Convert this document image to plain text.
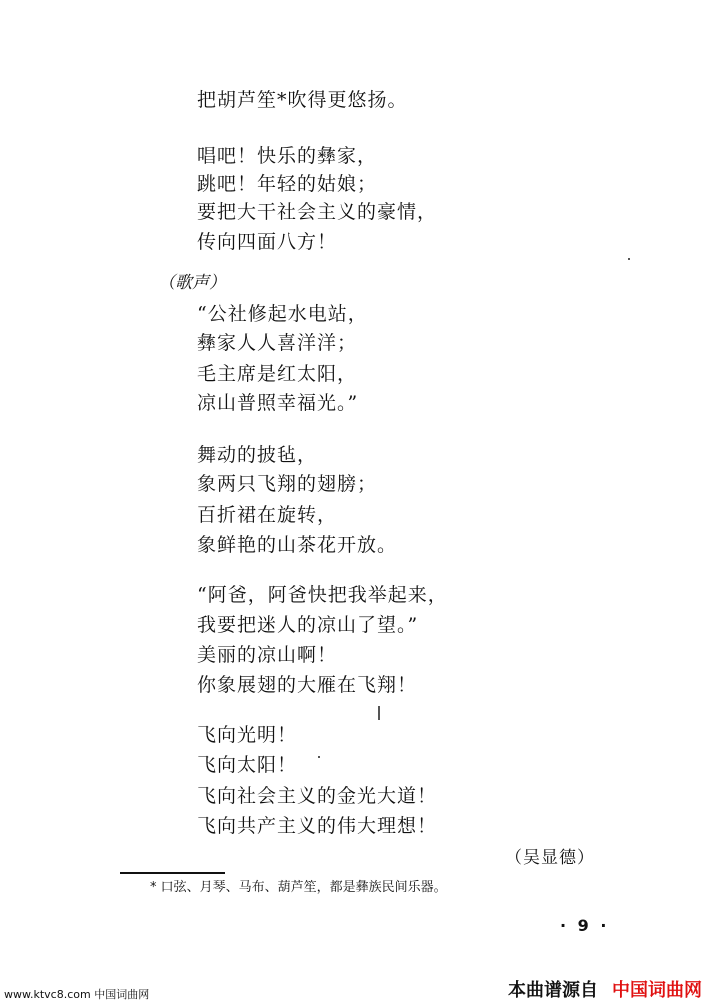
把胡芦笙*吹得更悠扬。
唱吧！快乐的彝家，
跳吧！年轻的姑娘；
要把大干社会主义的豪情，
传向四面八方！
（歌声）
“公社修起水电站，
彝家人人喜洋洋；
毛主席是红太阳，
凉山普照幸福光。”
舞动的披毡，
象两只飞翔的翅膀；
百折裙在旋转，
象鲜艳的山茶花开放。
“阿爸，阿爸快把我举起来，
我要把迷人的凉山了望。”
美丽的凉山啊！
你象展翅的大雁在飞翔！
飞向光明！
飞向太阳！
飞向社会主义的金光大道！
飞向共产主义的伟大理想！
（吴显德）
* 口弦、月琴、马布、葫芦笙，都是彝族民间乐器。
· 9 ·
www.ktvc8.com 中国词曲网	本曲谱源自 中国词曲网
